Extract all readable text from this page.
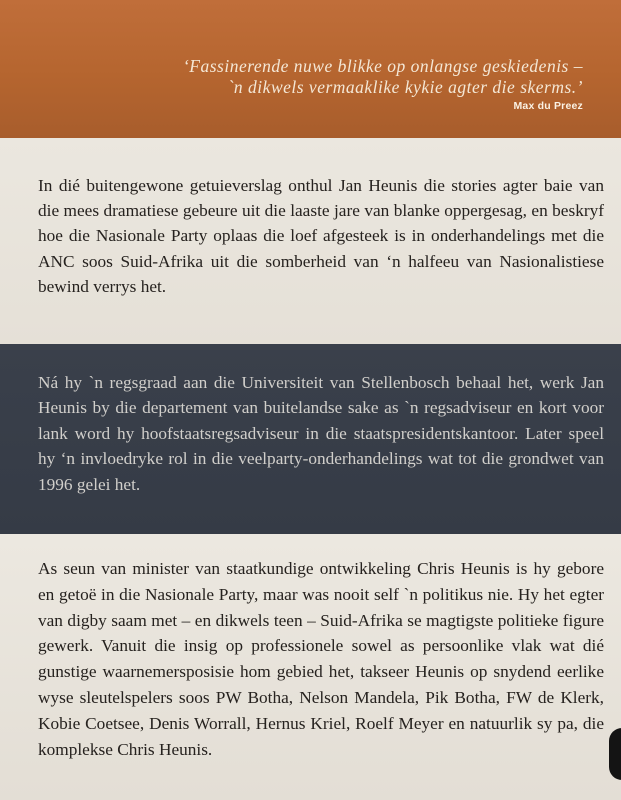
‘Fassinerende nuwe blikke op onlangse geskiedenis –
`n dikwels vermaaklike kykie agter die skerms.’
Max du Preez

In dié buitengewone getuieverslag onthul Jan Heunis die stories agter baie van die mees dramatiese gebeure uit die laaste jare van blanke oppergesag, en beskryf hoe die Nasionale Party oplaas die loef afgesteek is in onderhandelings met die ANC soos Suid-Afrika uit die somberheid van ‘n halfeeu van Nasionalistiese bewind verrys het.

Ná hy `n regsgraad aan die Universiteit van Stellenbosch behaal het, werk Jan Heunis by die departement van buitelandse sake as `n regsadviseur en kort voor lank word hy hoofstaatsregsadviseur in die staatspresidentskantoor. Later speel hy ‘n invloedryke rol in die veelparty-onderhandelings wat tot die grondwet van 1996 gelei het.

As seun van minister van staatkundige ontwikkeling Chris Heunis is hy gebore en getoë in die Nasionale Party, maar was nooit self `n politikus nie. Hy het egter van digby saam met – en dikwels teen – Suid-Afrika se magtigste politieke figure gewerk. Vanuit die insig op professionele sowel as persoonlike vlak wat dié gunstige waarnemersposisie hom gebied het, takseer Heunis op snydend eerlike wyse sleutelspelers soos PW Botha, Nelson Mandela, Pik Botha, FW de Klerk, Kobie Coetsee, Denis Worrall, Hernus Kriel, Roelf Meyer en natuurlik sy pa, die komplekse Chris Heunis.
